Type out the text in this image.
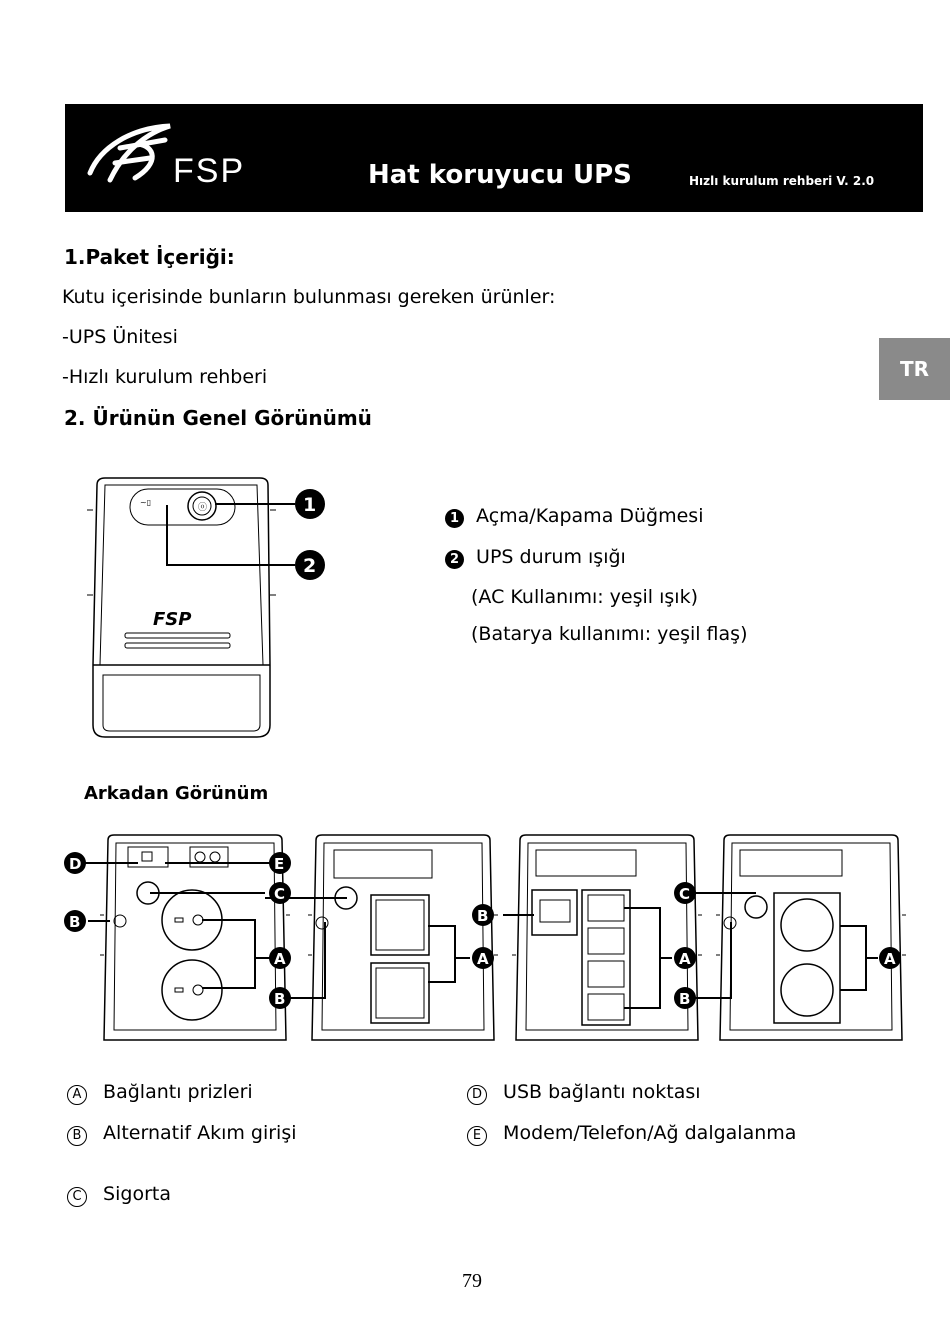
FSP	Hat koruyucu UPS	Hızlı kurulum rehberi V. 2.0
TR
1.Paket İçeriği:
Kutu içerisinde bunların bulunması gereken ürünler:
-UPS Ünitesi
-Hızlı kurulum rehberi
2. Ürünün Genel Görünümü
~▯
ⓞ
FSP
1
2
1 Açma/Kapama Düğmesi
2 UPS durum ışığı
(AC Kullanımı: yeşil ışık)
(Batarya kullanımı: yeşil flaş)
Arkadan Görünüm
D	E
C
B
A
B
B
A
C
A
B
A
A Bağlantı prizleri
B Alternatif Akım girişi
C Sigorta
D USB bağlantı noktası
E Modem/Telefon/Ağ dalgalanma
79
